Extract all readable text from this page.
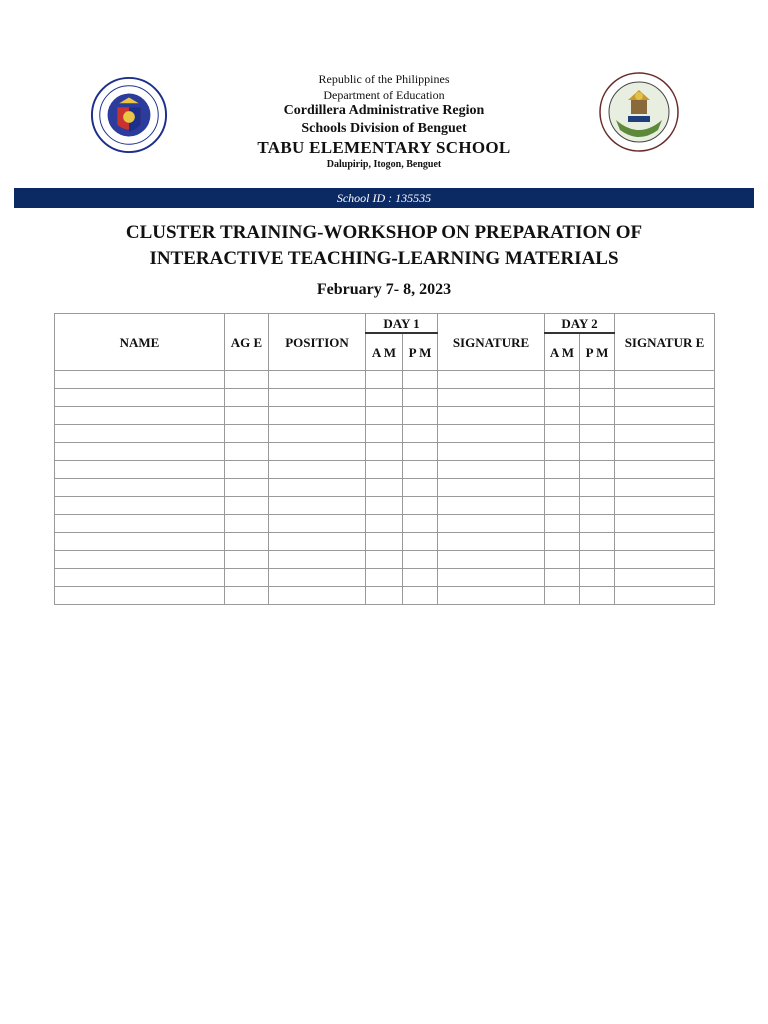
Republic of the Philippines
Department of Education
Cordillera Administrative Region
Schools Division of Benguet
TABU ELEMENTARY SCHOOL
Dalupirip, Itogon, Benguet
School ID : 135535
CLUSTER TRAINING-WORKSHOP ON PREPARATION OF
INTERACTIVE TEACHING-LEARNING MATERIALS
February 7- 8, 2023
NAME	AG E	POSITION	DAY 1		SIGNATURE	DAY 2		SIGNATUR E
			A M	P M		A M	P M	
